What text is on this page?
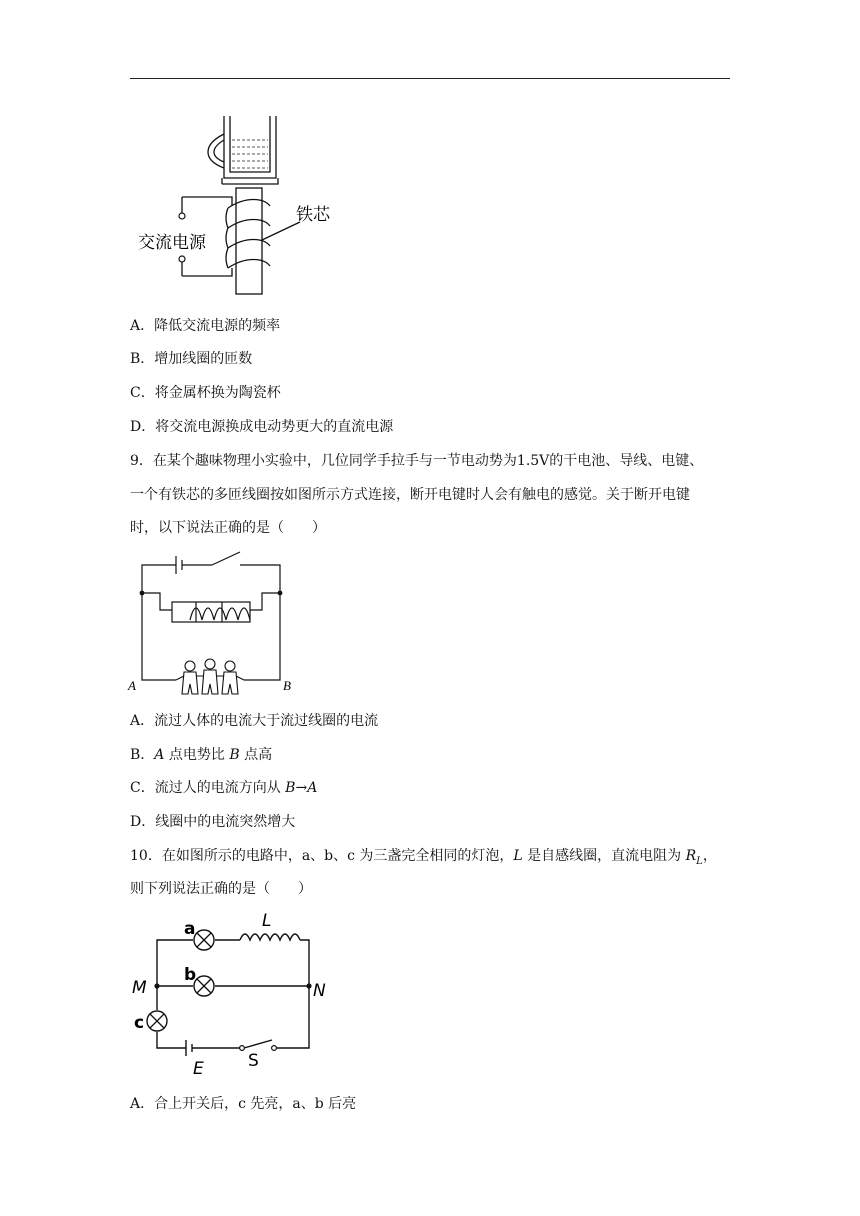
交流电源
铁芯
A．降低交流电源的频率
B．增加线圈的匝数
C．将金属杯换为陶瓷杯
D．将交流电源换成电动势更大的直流电源
9．在某个趣味物理小实验中，几位同学手拉手与一节电动势为1.5V的干电池、导线、电键、
一个有铁芯的多匝线圈按如图所示方式连接，断开电键时人会有触电的感觉。关于断开电键
时，以下说法正确的是（　　）
A	B
A．流过人体的电流大于流过线圈的电流
B．A 点电势比 B 点高
C．流过人的电流方向从 B→A
D．线圈中的电流突然增大
10．在如图所示的电路中，a、b、c 为三盏完全相同的灯泡，L 是自感线圈，直流电阻为 $R_L$，
则下列说法正确的是（　　）
a
b
c
L
M	N
E	S
A．合上开关后，c 先亮，a、b 后亮
